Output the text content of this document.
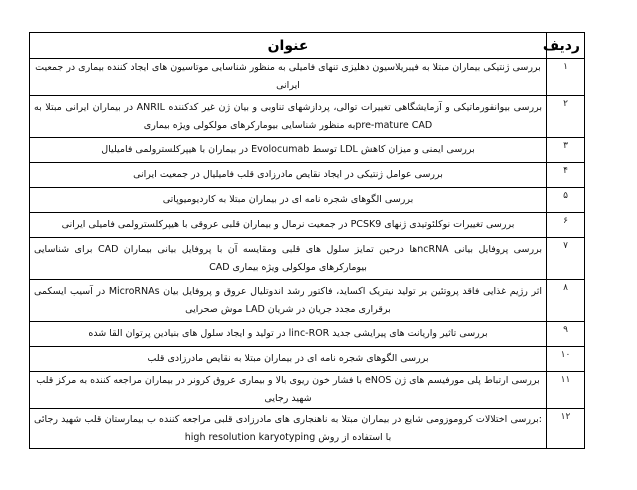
ردیف	عنوان
۱	بررسی ژنتیکی بیماران مبتلا به فیبریلاسیون دهلیزی تنهای فامیلی به منظور شناسایی موتاسیون های ایجاد کننده بیماری در جمعیت ایرانی
۲	بررسی بیوانفورماتیکی و آزمایشگاهی تغییرات توالی، پردازشهای تناوبی و بیان ژن غیر کدکننده ANRIL در بیماران ایرانی مبتلا به pre-mature CADبه منظور شناسایی بیومارکرهای مولکولی ویژه بیماری
۳	بررسی ایمنی و میزان کاهش LDL توسط Evolocumab در بیماران با هیپرکلسترولمی فامیلیال
۴	بررسی عوامل ژنتیکی در ایجاد نقایص مادرزادی قلب فامیلیال در جمعیت ایرانی
۵	بررسی الگوهای شجره نامه ای در بیماران مبتلا به کاردیومیوپاتی
۶	بررسی تغییرات نوکلئوتیدی ژنهای PCSK9 در جمعیت نرمال و بیماران قلبی عروقی با هیپرکلسترولمی فامیلی ایرانی
۷	بررسی پروفایل بیانی ncRNAها درحین تمایز سلول های قلبی ومقایسه آن با پروفایل بیانی بیماران CAD برای شناسایی بیومارکرهای مولکولی ویژه بیماری CAD
۸	اثر رژیم غذایی فاقد پروتئین بر تولید نیتریک اکساید، فاکتور رشد اندوتلیال عروق و پروفایل بیان MicroRNAs در آسیب ایسکمی برقراری مجدد جریان در شریان LAD موش صحرایی
۹	بررسی تاثیر واریانت های پیرایشی جدید linc-ROR در تولید و ایجاد سلول های بنیادین پرتوان القا شده
۱۰	بررسی الگوهای شجره نامه ای در بیماران مبتلا به نقایص مادرزادی قلب
۱۱	بررسی ارتباط پلی مورفیسم های ژن eNOS با فشار خون ریوی بالا و بیماری عروق کرونر در بیماران مراجعه کننده به مرکز قلب شهید رجایی
۱۲	:بررسی اختلالات کروموزومی شایع در بیماران مبتلا به ناهنجاری های مادرزادی قلبی مراجعه کننده ب بیمارستان قلب شهید رجائی با استفاده از روش high resolution karyotyping
